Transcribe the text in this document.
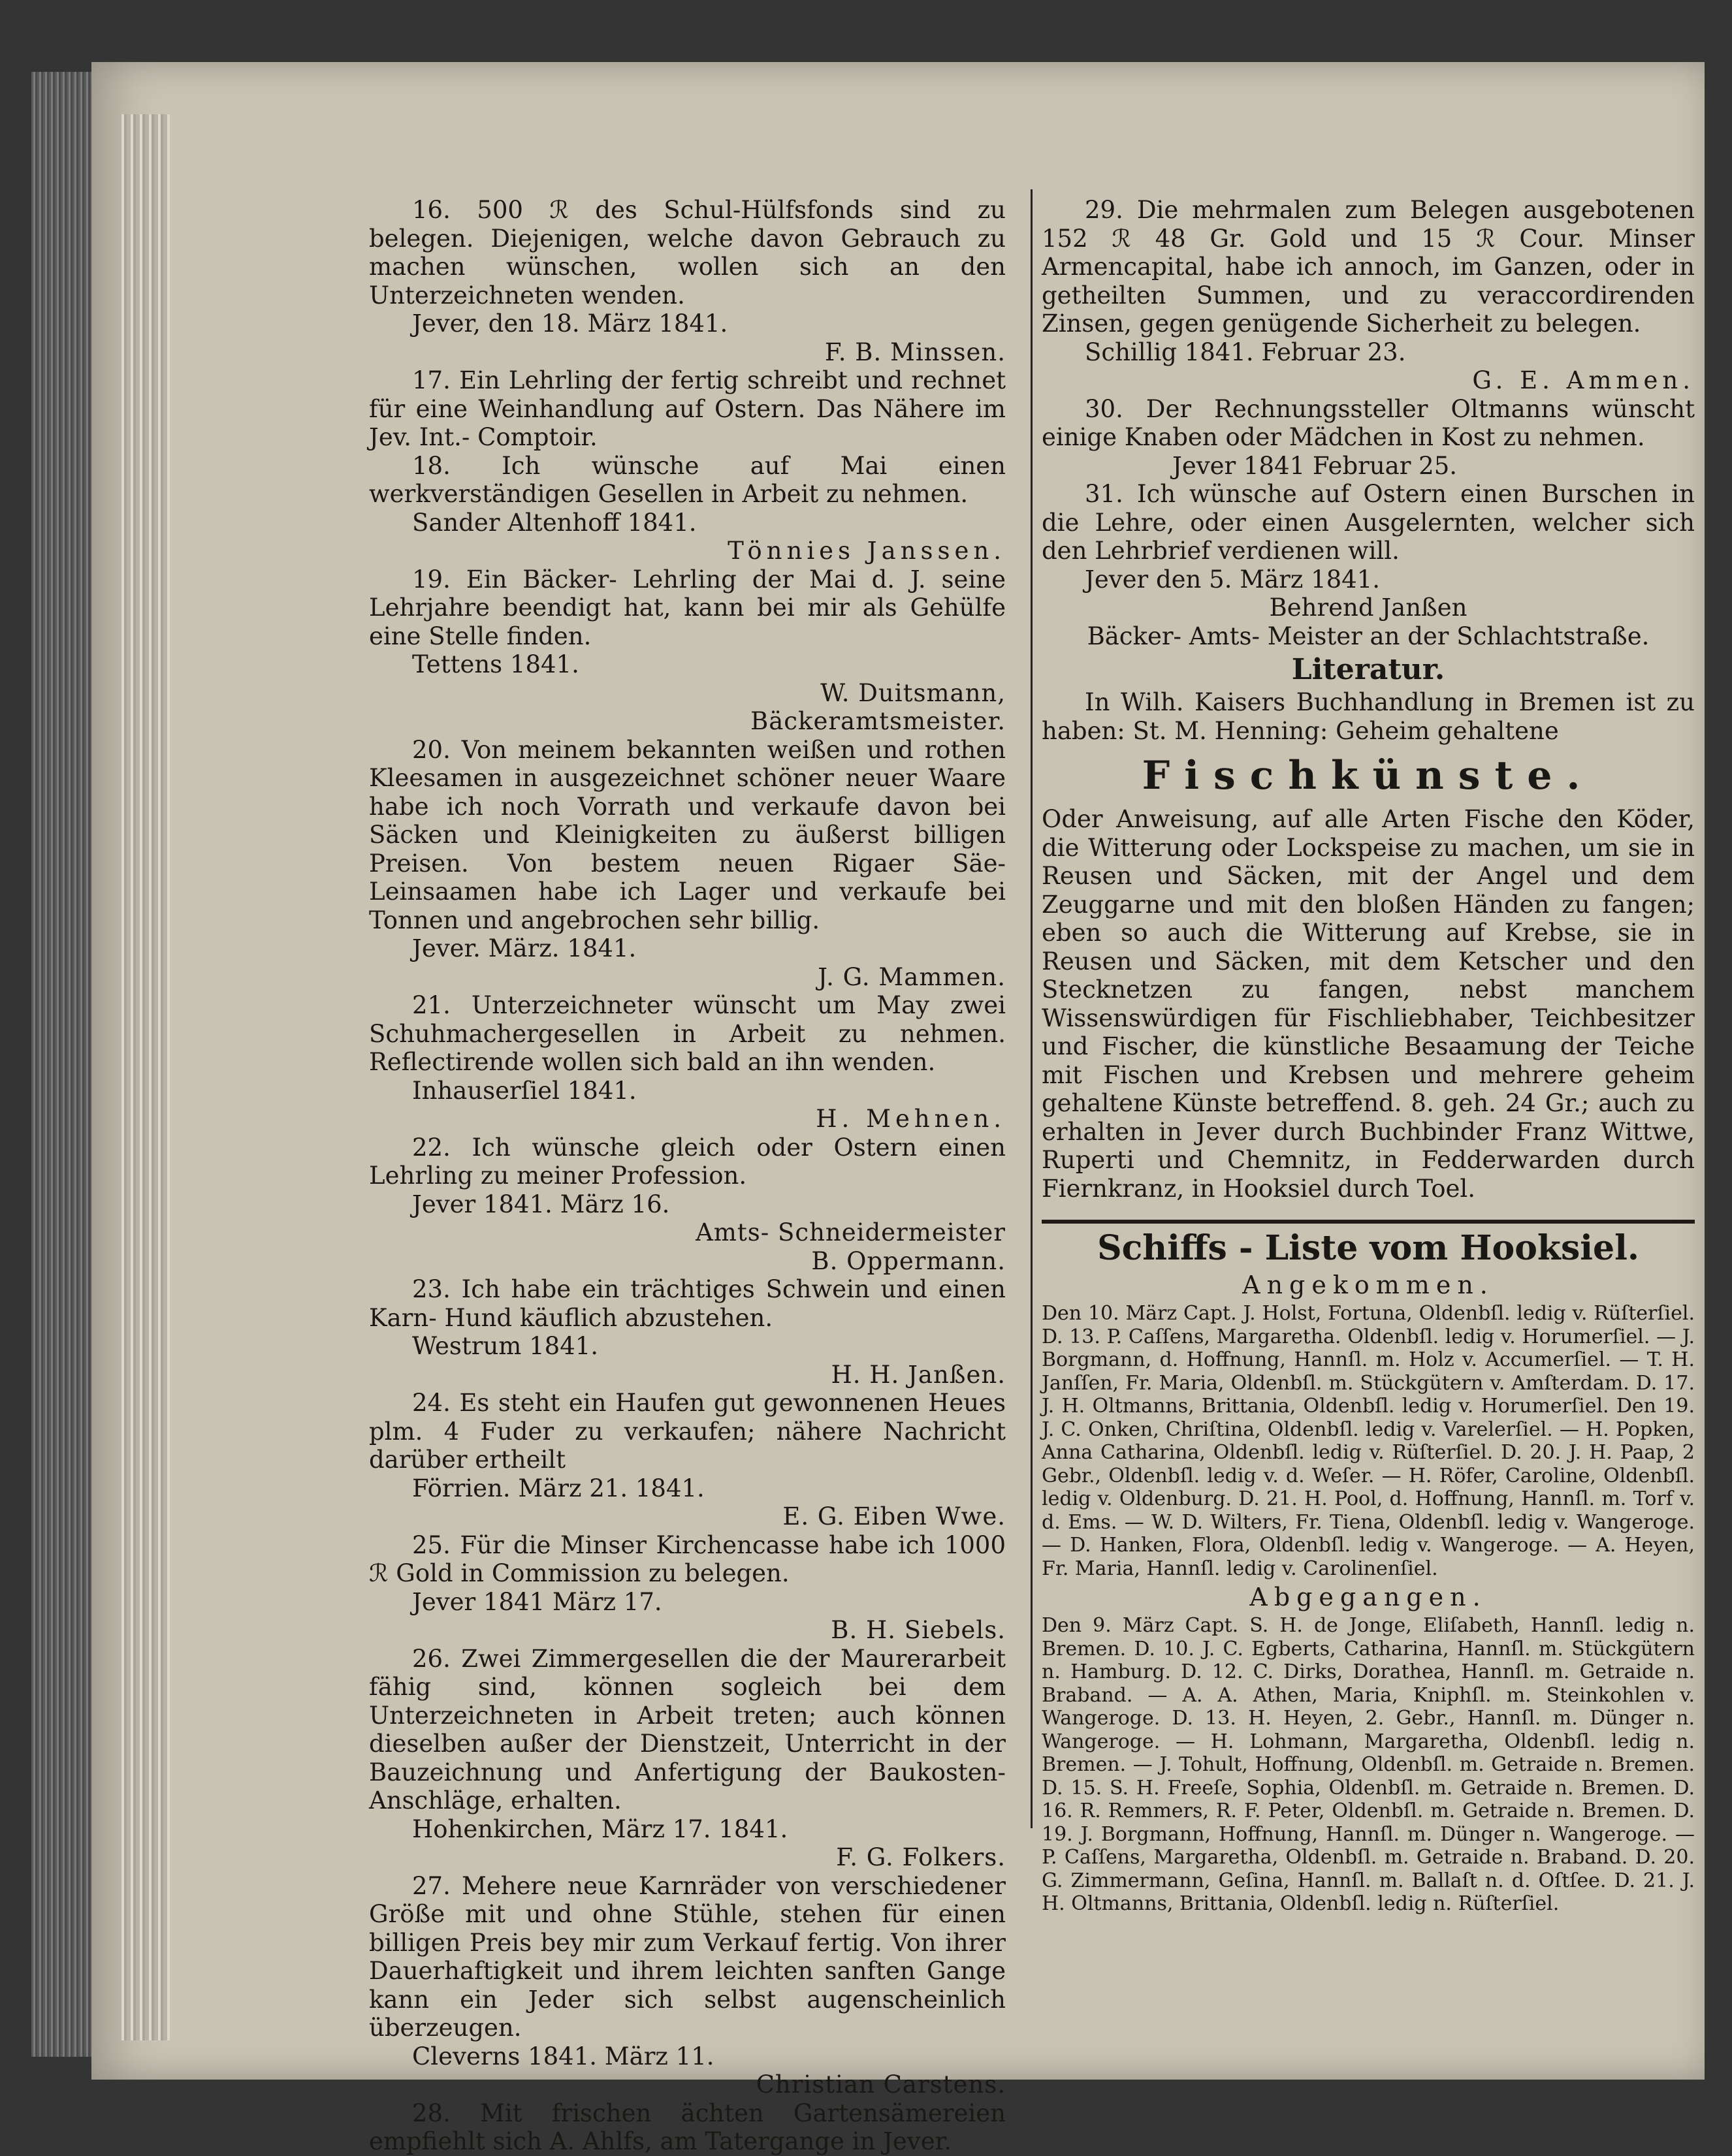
16. 500 ℛ des Schul-Hülfsfonds sind zu belegen. Diejenigen, welche davon Gebrauch zu machen wünschen, wollen sich an den Unterzeichneten wenden.

Jever, den 18. März 1841.

F. B. Minssen.

17. Ein Lehrling der fertig schreibt und rechnet für eine Weinhandlung auf Ostern. Das Nähere im Jev. Int.- Comptoir.

18. Ich wünsche auf Mai einen werkverständigen Gesellen in Arbeit zu nehmen.

Sander Altenhoff 1841.

Tönnies Janssen.

19. Ein Bäcker- Lehrling der Mai d. J. seine Lehrjahre beendigt hat, kann bei mir als Gehülfe eine Stelle finden.

Tettens 1841.

W. Duitsmann,

Bäckeramtsmeister.

20. Von meinem bekannten weißen und rothen Kleesamen in ausgezeichnet schöner neuer Waare habe ich noch Vorrath und verkaufe davon bei Säcken und Kleinigkeiten zu äußerst billigen Preisen. Von bestem neuen Rigaer Säe- Leinsaamen habe ich Lager und verkaufe bei Tonnen und angebrochen sehr billig.

Jever. März. 1841.

J. G. Mammen.

21. Unterzeichneter wünscht um May zwei Schuhmachergesellen in Arbeit zu nehmen. Reflectirende wollen sich bald an ihn wenden.

Inhauserſiel 1841.

H. Mehnen.

22. Ich wünsche gleich oder Ostern einen Lehrling zu meiner Profession.

Jever 1841. März 16.

Amts- Schneidermeister

B. Oppermann.

23. Ich habe ein trächtiges Schwein und einen Karn- Hund käuflich abzustehen.

Westrum 1841.

H. H. Janßen.

24. Es steht ein Haufen gut gewonnenen Heues plm. 4 Fuder zu verkaufen; nähere Nachricht darüber ertheilt

Förrien. März 21. 1841.

E. G. Eiben Wwe.

25. Für die Minser Kirchencasse habe ich 1000 ℛ Gold in Commission zu belegen.

Jever 1841 März 17.

B. H. Siebels.

26. Zwei Zimmergesellen die der Maurerarbeit fähig sind, können sogleich bei dem Unterzeichneten in Arbeit treten; auch können dieselben außer der Dienstzeit, Unterricht in der Bauzeichnung und Anfertigung der Baukosten- Anschläge, erhalten.

Hohenkirchen, März 17. 1841.

F. G. Folkers.

27. Mehere neue Karnräder von verschiedener Größe mit und ohne Stühle, stehen für einen billigen Preis bey mir zum Verkauf fertig. Von ihrer Dauerhaftigkeit und ihrem leichten sanften Gange kann ein Jeder sich selbst augenscheinlich überzeugen.

Cleverns 1841. März 11.

Christian Carstens.

28. Mit frischen ächten Gartensämereien empfiehlt sich A. Ahlfs, am Tatergange in Jever.

29. Die mehrmalen zum Belegen ausgebotenen 152 ℛ 48 Gr. Gold und 15 ℛ Cour. Minser Armencapital, habe ich annoch, im Ganzen, oder in getheilten Summen, und zu veraccordirenden Zinsen, gegen genügende Sicherheit zu belegen.

Schillig 1841. Februar 23.

G. E. Ammen.

30. Der Rechnungssteller Oltmanns wünscht einige Knaben oder Mädchen in Kost zu nehmen.

Jever 1841 Februar 25.

31. Ich wünsche auf Ostern einen Burschen in die Lehre, oder einen Ausgelernten, welcher sich den Lehrbrief verdienen will.

Jever den 5. März 1841.

Behrend Janßen

Bäcker- Amts- Meister an der Schlachtstraße.

Literatur.

In Wilh. Kaisers Buchhandlung in Bremen ist zu haben: St. M. Henning: Geheim gehaltene

Fischkünste.

Oder Anweisung, auf alle Arten Fische den Köder, die Witterung oder Lockspeise zu machen, um sie in Reusen und Säcken, mit der Angel und dem Zeuggarne und mit den bloßen Händen zu fangen; eben so auch die Witterung auf Krebse, sie in Reusen und Säcken, mit dem Ketscher und den Stecknetzen zu fangen, nebst manchem Wissenswürdigen für Fischliebhaber, Teichbesitzer und Fischer, die künstliche Besaamung der Teiche mit Fischen und Krebsen und mehrere geheim gehaltene Künste betreffend. 8. geh. 24 Gr.; auch zu erhalten in Jever durch Buchbinder Franz Wittwe, Ruperti und Chemnitz, in Fedderwarden durch Fiernkranz, in Hooksiel durch Toel.

Schiffs - Liste vom Hooksiel.

Angekommen.

Den 10. März Capt. J. Holst, Fortuna, Oldenbſl. ledig v. Rüſterſiel. D. 13. P. Caſſens, Margaretha. Oldenbſl. ledig v. Horumerſiel. — J. Borgmann, d. Hoffnung, Hannſl. m. Holz v. Accumerſiel. — T. H. Janſſen, Fr. Maria, Oldenbſl. m. Stückgütern v. Amſterdam. D. 17. J. H. Oltmanns, Brittania, Oldenbſl. ledig v. Horumerſiel. Den 19. J. C. Onken, Chriſtina, Oldenbſl. ledig v. Varelerſiel. — H. Popken, Anna Catharina, Oldenbſl. ledig v. Rüſterſiel. D. 20. J. H. Paap, 2 Gebr., Oldenbſl. ledig v. d. Weſer. — H. Röfer, Caroline, Oldenbſl. ledig v. Oldenburg. D. 21. H. Pool, d. Hoffnung, Hannſl. m. Torf v. d. Ems. — W. D. Wilters, Fr. Tiena, Oldenbſl. ledig v. Wangeroge. — D. Hanken, Flora, Oldenbſl. ledig v. Wangeroge. — A. Heyen, Fr. Maria, Hannſl. ledig v. Carolinenſiel.

Abgegangen.

Den 9. März Capt. S. H. de Jonge, Eliſabeth, Hannſl. ledig n. Bremen. D. 10. J. C. Egberts, Catharina, Hannſl. m. Stückgütern n. Hamburg. D. 12. C. Dirks, Dorathea, Hannſl. m. Getraide n. Braband. — A. A. Athen, Maria, Kniphſl. m. Steinkohlen v. Wangeroge. D. 13. H. Heyen, 2. Gebr., Hannſl. m. Dünger n. Wangeroge. — H. Lohmann, Margaretha, Oldenbſl. ledig n. Bremen. — J. Tohult, Hoffnung, Oldenbſl. m. Getraide n. Bremen. D. 15. S. H. Freeſe, Sophia, Oldenbſl. m. Getraide n. Bremen. D. 16. R. Remmers, R. F. Peter, Oldenbſl. m. Getraide n. Bremen. D. 19. J. Borgmann, Hoffnung, Hannſl. m. Dünger n. Wangeroge. — P. Caſſens, Margaretha, Oldenbſl. m. Getraide n. Braband. D. 20. G. Zimmermann, Geſina, Hannſl. m. Ballaſt n. d. Oſtſee. D. 21. J. H. Oltmanns, Brittania, Oldenbſl. ledig n. Rüſterſiel.
